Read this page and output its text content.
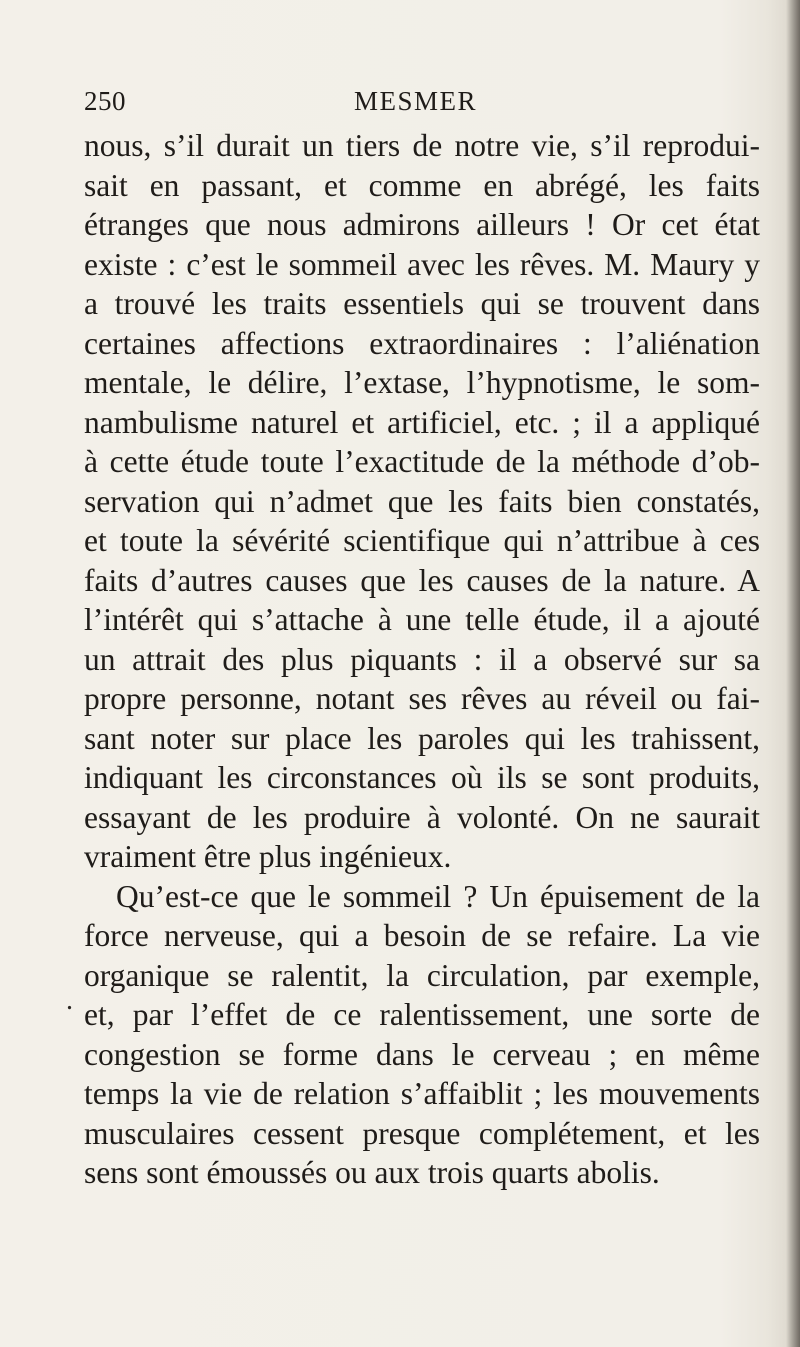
250	MESMER
.
nous, s’il durait un tiers de notre vie, s’il reprodui-
sait en passant, et comme en abrégé, les faits
étranges que nous admirons ailleurs ! Or cet état
existe : c’est le sommeil avec les rêves. M. Maury y
a trouvé les traits essentiels qui se trouvent dans
certaines affections extraordinaires : l’aliénation
mentale, le délire, l’extase, l’hypnotisme, le som-
nambulisme naturel et artificiel, etc. ; il a appliqué
à cette étude toute l’exactitude de la méthode d’ob-
servation qui n’admet que les faits bien constatés,
et toute la sévérité scientifique qui n’attribue à ces
faits d’autres causes que les causes de la nature. A
l’intérêt qui s’attache à une telle étude, il a ajouté
un attrait des plus piquants : il a observé sur sa
propre personne, notant ses rêves au réveil ou fai-
sant noter sur place les paroles qui les trahissent,
indiquant les circonstances où ils se sont produits,
essayant de les produire à volonté. On ne saurait
vraiment être plus ingénieux.
Qu’est-ce que le sommeil ? Un épuisement de la
force nerveuse, qui a besoin de se refaire. La vie
organique se ralentit, la circulation, par exemple,
et, par l’effet de ce ralentissement, une sorte de
congestion se forme dans le cerveau ; en même
temps la vie de relation s’affaiblit ; les mouvements
musculaires cessent presque complétement, et les
sens sont émoussés ou aux trois quarts abolis.
